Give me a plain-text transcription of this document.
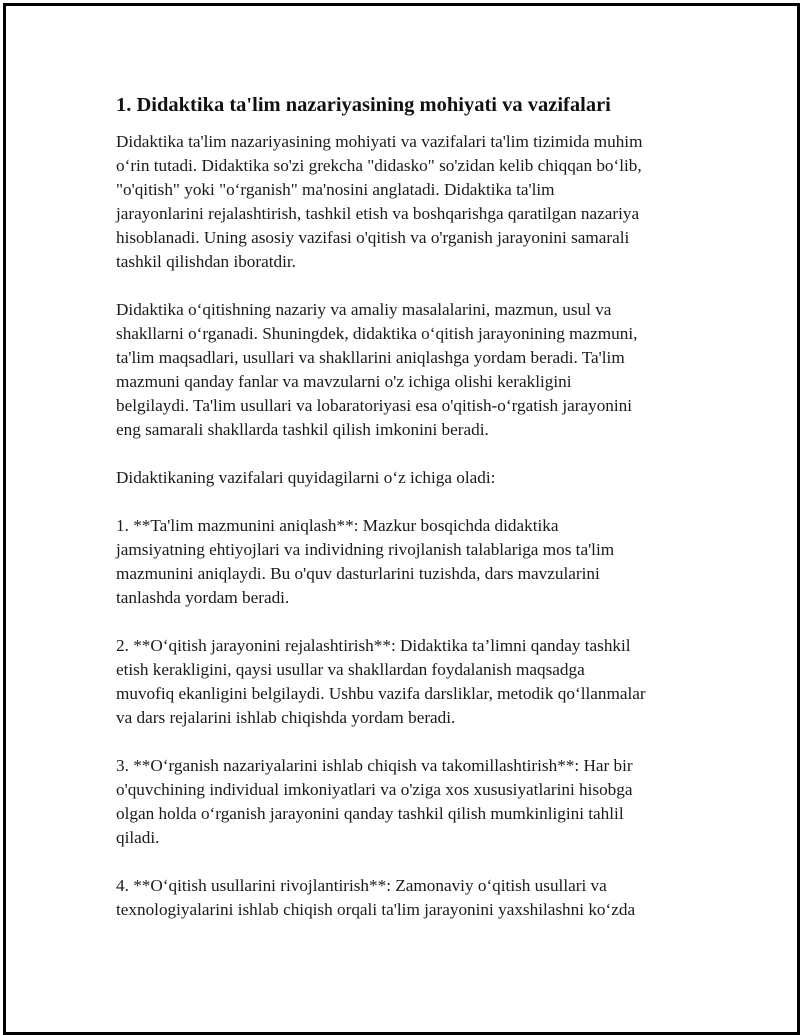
1. Didaktika ta'lim nazariyasining mohiyati va vazifalari

Didaktika ta'lim nazariyasining mohiyati va vazifalari ta'lim tizimida muhim
o‘rin tutadi. Didaktika so'zi grekcha "didasko" so'zidan kelib chiqqan bo‘lib,
"o'qitish" yoki "o‘rganish" ma'nosini anglatadi. Didaktika ta'lim
jarayonlarini rejalashtirish, tashkil etish va boshqarishga qaratilgan nazariya
hisoblanadi. Uning asosiy vazifasi o'qitish va o'rganish jarayonini samarali
tashkil qilishdan iboratdir.

Didaktika o‘qitishning nazariy va amaliy masalalarini, mazmun, usul va
shakllarni o‘rganadi. Shuningdek, didaktika o‘qitish jarayonining mazmuni,
ta'lim maqsadlari, usullari va shakllarini aniqlashga yordam beradi. Ta'lim
mazmuni qanday fanlar va mavzularni o'z ichiga olishi kerakligini
belgilaydi. Ta'lim usullari va lobaratoriyasi esa o'qitish-o‘rgatish jarayonini
eng samarali shakllarda tashkil qilish imkonini beradi.

Didaktikaning vazifalari quyidagilarni o‘z ichiga oladi:

1. **Ta'lim mazmunini aniqlash**: Mazkur bosqichda didaktika
jamsiyatning ehtiyojlari va individning rivojlanish talablariga mos ta'lim
mazmunini aniqlaydi. Bu o'quv dasturlarini tuzishda, dars mavzularini
tanlashda yordam beradi.

2. **O‘qitish jarayonini rejalashtirish**: Didaktika ta’limni qanday tashkil
etish kerakligini, qaysi usullar va shakllardan foydalanish maqsadga
muvofiq ekanligini belgilaydi. Ushbu vazifa darsliklar, metodik qo‘llanmalar
va dars rejalarini ishlab chiqishda yordam beradi.

3. **O‘rganish nazariyalarini ishlab chiqish va takomillashtirish**: Har bir
o'quvchining individual imkoniyatlari va o'ziga xos xususiyatlarini hisobga
olgan holda o‘rganish jarayonini qanday tashkil qilish mumkinligini tahlil
qiladi.

4. **O‘qitish usullarini rivojlantirish**: Zamonaviy o‘qitish usullari va
texnologiyalarini ishlab chiqish orqali ta'lim jarayonini yaxshilashni ko‘zda
